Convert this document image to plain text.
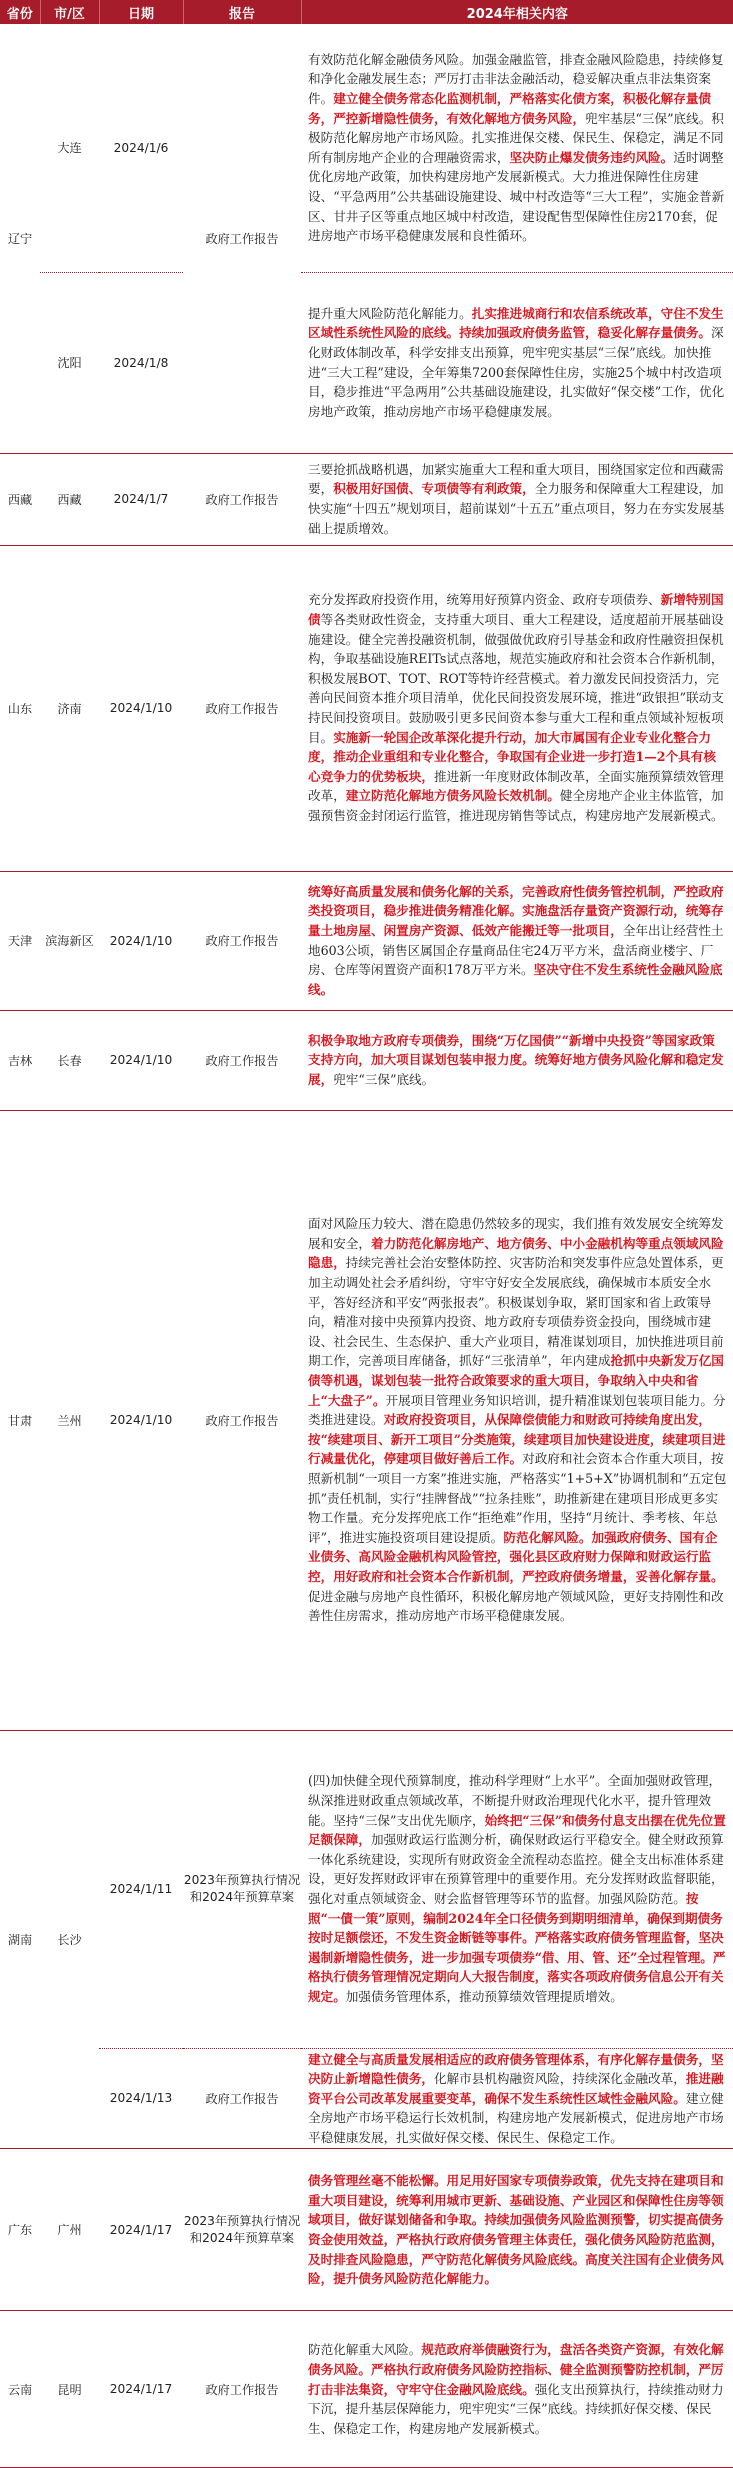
省份	市/区	日期	报告	2024年相关内容
辽宁	大连	2024/1/6	政府工作报告	有效防范化解金融债务风险。加强金融监管，排查金融风险隐患，持续修复和净化金融发展生态；严厉打击非法金融活动，稳妥解决重点非法集资案件。建立健全债务常态化监测机制，严格落实化债方案，积极化解存量债务，严控新增隐性债务，有效化解地方债务风险，兜牢基层“三保”底线。积极防范化解房地产市场风险。扎实推进保交楼、保民生、保稳定，满足不同所有制房地产企业的合理融资需求，坚决防止爆发债务违约风险。适时调整优化房地产政策，加快构建房地产发展新模式。大力推进保障性住房建设、“平急两用”公共基础设施建设、城中村改造等“三大工程”，实施金普新区、甘井子区等重点地区城中村改造，建设配售型保障性住房2170套，促进房地产市场平稳健康发展和良性循环。
	沈阳	2024/1/8		提升重大风险防范化解能力。扎实推进城商行和农信系统改革，守住不发生区域性系统性风险的底线。持续加强政府债务监管，稳妥化解存量债务。深化财政体制改革，科学安排支出预算，兜牢兜实基层“三保”底线。加快推进“三大工程”建设，全年筹集7200套保障性住房，实施25个城中村改造项目，稳步推进“平急两用”公共基础设施建设，扎实做好“保交楼”工作，优化房地产政策，推动房地产市场平稳健康发展。
西藏	西藏	2024/1/7	政府工作报告	三要抢抓战略机遇，加紧实施重大工程和重大项目，围绕国家定位和西藏需要，积极用好国债、专项债等有利政策，全力服务和保障重大工程建设，加快实施“十四五”规划项目，超前谋划“十五五”重点项目，努力在夯实发展基础上提质增效。
山东	济南	2024/1/10	政府工作报告	充分发挥政府投资作用，统筹用好预算内资金、政府专项债券、新增特别国债等各类财政性资金，支持重大项目、重大工程建设，适度超前开展基础设施建设。健全完善投融资机制，做强做优政府引导基金和政府性融资担保机构，争取基础设施REITs试点落地，规范实施政府和社会资本合作新机制，积极发展BOT、TOT、ROT等特许经营模式。着力激发民间投资活力，完善向民间资本推介项目清单，优化民间投资发展环境，推进“政银担”联动支持民间投资项目。鼓励吸引更多民间资本参与重大工程和重点领域补短板项目。实施新一轮国企改革深化提升行动，加大市属国有企业专业化整合力度，推动企业重组和专业化整合，争取国有企业进一步打造1—2个具有核心竞争力的优势板块，推进新一年度财政体制改革，全面实施预算绩效管理改革，建立防范化解地方债务风险长效机制。健全房地产企业主体监管，加强预售资金封闭运行监管，推进现房销售等试点，构建房地产发展新模式。
天津	滨海新区	2024/1/10	政府工作报告	统筹好高质量发展和债务化解的关系，完善政府性债务管控机制，严控政府类投资项目，稳步推进债务精准化解。实施盘活存量资产资源行动，统筹存量土地房屋、闲置房产资源、低效产能搬迁等一批项目，全年出让经营性土地603公顷，销售区属国企存量商品住宅24万平方米，盘活商业楼宇、厂房、仓库等闲置资产面积178万平方米。坚决守住不发生系统性金融风险底线。
吉林	长春	2024/1/10	政府工作报告	积极争取地方政府专项债券，围绕“万亿国债”“新增中央投资”等国家政策支持方向，加大项目谋划包装申报力度。统筹好地方债务风险化解和稳定发展，兜牢“三保”底线。
甘肃	兰州	2024/1/10	政府工作报告	面对风险压力较大、潜在隐患仍然较多的现实，我们推有效发展安全统筹发展和安全，着力防范化解房地产、地方债务、中小金融机构等重点领域风险隐患，持续完善社会治安整体防控、灾害防治和突发事件应急处置体系，更加主动调处社会矛盾纠纷，守牢守好安全发展底线，确保城市本质安全水平，答好经济和平安“两张报表”。积极谋划争取，紧盯国家和省上政策导向，精准对接中央预算内投资、地方政府专项债券资金投向，围绕城市建设、社会民生、生态保护、重大产业项目，精准谋划项目，加快推进项目前期工作，完善项目库储备，抓好“三张清单”，年内建成抢抓中央新发万亿国债等机遇，谋划包装一批符合政策要求的重大项目，争取纳入中央和省上“大盘子”。开展项目管理业务知识培训，提升精准谋划包装项目能力。分类推进建设。对政府投资项目，从保障偿债能力和财政可持续角度出发，按“续建项目、新开工项目”分类施策，续建项目加快建设进度，续建项目进行减量优化，停建项目做好善后工作。对政府和社会资本合作重大项目，按照新机制“一项目一方案”推进实施，严格落实“1+5+X”协调机制和“五定包抓”责任机制，实行“挂牌督战”“拉条挂账”，助推新建在建项目形成更多实物工作量。充分发挥兜底工作“拒绝难”作用，坚持“月统计、季考核、年总评”，推进实施投资项目建设提质。防范化解风险。加强政府债务、国有企业债务、高风险金融机构风险管控，强化县区政府财力保障和财政运行监控，用好政府和社会资本合作新机制，严控政府债务增量，妥善化解存量。促进金融与房地产良性循环，积极化解房地产领域风险，更好支持刚性和改善性住房需求，推动房地产市场平稳健康发展。
湖南	长沙	2024/1/11	2023年预算执行情况和2024年预算草案	(四)加快健全现代预算制度，推动科学理财“上水平”。全面加强财政管理，纵深推进财政重点领域改革，不断提升财政治理现代化水平，提升管理效能。坚持“三保”支出优先顺序，始终把“三保”和债务付息支出摆在优先位置足额保障，加强财政运行监测分析，确保财政运行平稳安全。健全财政预算一体化系统建设，实现所有财政资金全流程动态监控。健全支出标准体系建设，更好发挥财政评审在预算管理中的重要作用。充分发挥财政监督职能，强化对重点领域资金、财会监督管理等环节的监督。加强风险防范。按照“一債一策”原则，编制2024年全口径债务到期明细清单，确保到期债务按时足额偿还，不发生资金断链等事件。严格落实政府债务管理监督，坚决遏制新增隐性债务，进一步加强专项债券“借、用、管、还”全过程管理。严格执行债务管理情况定期向人大报告制度，落实各项政府债务信息公开有关规定。加强债务管理体系，推动预算绩效管理提质增效。
		2024/1/13	政府工作报告	建立健全与高质量发展相适应的政府债务管理体系，有序化解存量债务，坚决防止新增隐性债务，化解市县机构融资风险，持续深化金融改革，推进融资平台公司改革发展重要变革，确保不发生系统性区域性金融风险。建立健全房地产市场平稳运行长效机制，构建房地产发展新模式，促进房地产市场平稳健康发展，扎实做好保交楼、保民生、保稳定工作。
广东	广州	2024/1/17	2023年预算执行情况和2024年预算草案	债务管理丝毫不能松懈。用足用好国家专项债券政策，优先支持在建项目和重大项目建设，统筹利用城市更新、基础设施、产业园区和保障性住房等领域项目，做好谋划储备和争取。持续加强债务风险监测预警，切实提高债务资金使用效益，严格执行政府债务管理主体责任，强化债务风险防范监测，及时排查风险隐患，严守防范化解债务风险底线。高度关注国有企业债务风险，提升债务风险防范化解能力。
云南	昆明	2024/1/17	政府工作报告	防范化解重大风险。规范政府举债融资行为，盘活各类资产资源，有效化解债务风险。严格执行政府债务风险防控指标、健全监测预警防控机制，严厉打击非法集资，守牢守住金融风险底线。强化支出预算执行，持续推动财力下沉，提升基层保障能力，兜牢兜实“三保”底线。持续抓好保交楼、保民生、保稳定工作，构建房地产发展新模式。
